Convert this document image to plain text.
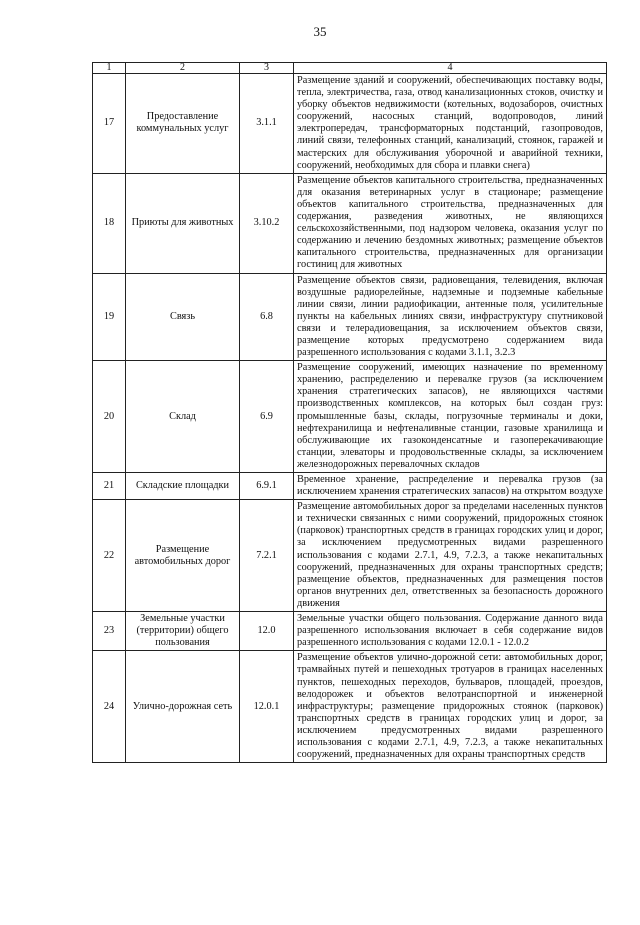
35
1	2	3	4
17	Предоставление коммунальных услуг	3.1.1	Размещение зданий и сооружений, обеспечивающих поставку воды, тепла, электричества, газа, отвод канализационных стоков, очистку и уборку объектов недвижимости (котельных, водозаборов, очистных сооружений, насосных станций, водопроводов, линий электропередач, трансформаторных подстанций, газопроводов, линий связи, телефонных станций, канализаций, стоянок, гаражей и мастерских для обслуживания уборочной и аварийной техники, сооружений, необходимых для сбора и плавки снега)
18	Приюты для животных	3.10.2	Размещение объектов капитального строительства, предназначенных для оказания ветеринарных услуг в стационаре; размещение объектов капитального строительства, предназначенных для содержания, разведения животных, не являющихся сельскохозяйственными, под надзором человека, оказания услуг по содержанию и лечению бездомных животных; размещение объектов капитального строительства, предназначенных для организации гостиниц для животных
19	Связь	6.8	Размещение объектов связи, радиовещания, телевидения, включая воздушные радиорелейные, надземные и подземные кабельные линии связи, линии радиофикации, антенные поля, усилительные пункты на кабельных линиях связи, инфраструктуру спутниковой связи и телерадиовещания, за исключением объектов связи, размещение которых предусмотрено содержанием вида разрешенного использования с кодами 3.1.1, 3.2.3
20	Склад	6.9	Размещение сооружений, имеющих назначение по временному хранению, распределению и перевалке грузов (за исключением хранения стратегических запасов), не являющихся частями производственных комплексов, на которых был создан груз: промышленные базы, склады, погрузочные терминалы и доки, нефтехранилища и нефтеналивные станции, газовые хранилища и обслуживающие их газоконденсатные и газоперекачивающие станции, элеваторы и продовольственные склады, за исключением железнодорожных перевалочных складов
21	Складские площадки	6.9.1	Временное хранение, распределение и перевалка грузов (за исключением хранения стратегических запасов) на открытом воздухе
22	Размещение автомобильных дорог	7.2.1	Размещение автомобильных дорог за пределами населенных пунктов и технически связанных с ними сооружений, придорожных стоянок (парковок) транспортных средств в границах городских улиц и дорог, за исключением предусмотренных видами разрешенного использования с кодами 2.7.1, 4.9, 7.2.3, а также некапитальных сооружений, предназначенных для охраны транспортных средств; размещение объектов, предназначенных для размещения постов органов внутренних дел, ответственных за безопасность дорожного движения
23	Земельные участки (территории) общего пользования	12.0	Земельные участки общего пользования. Содержание данного вида разрешенного использования включает в себя содержание видов разрешенного использования с кодами 12.0.1 - 12.0.2
24	Улично-дорожная сеть	12.0.1	Размещение объектов улично-дорожной сети: автомобильных дорог, трамвайных путей и пешеходных тротуаров в границах населенных пунктов, пешеходных переходов, бульваров, площадей, проездов, велодорожек и объектов велотранспортной и инженерной инфраструктуры; размещение придорожных стоянок (парковок) транспортных средств в границах городских улиц и дорог, за исключением предусмотренных видами разрешенного использования с кодами 2.7.1, 4.9, 7.2.3, а также некапитальных сооружений, предназначенных для охраны транспортных средств
